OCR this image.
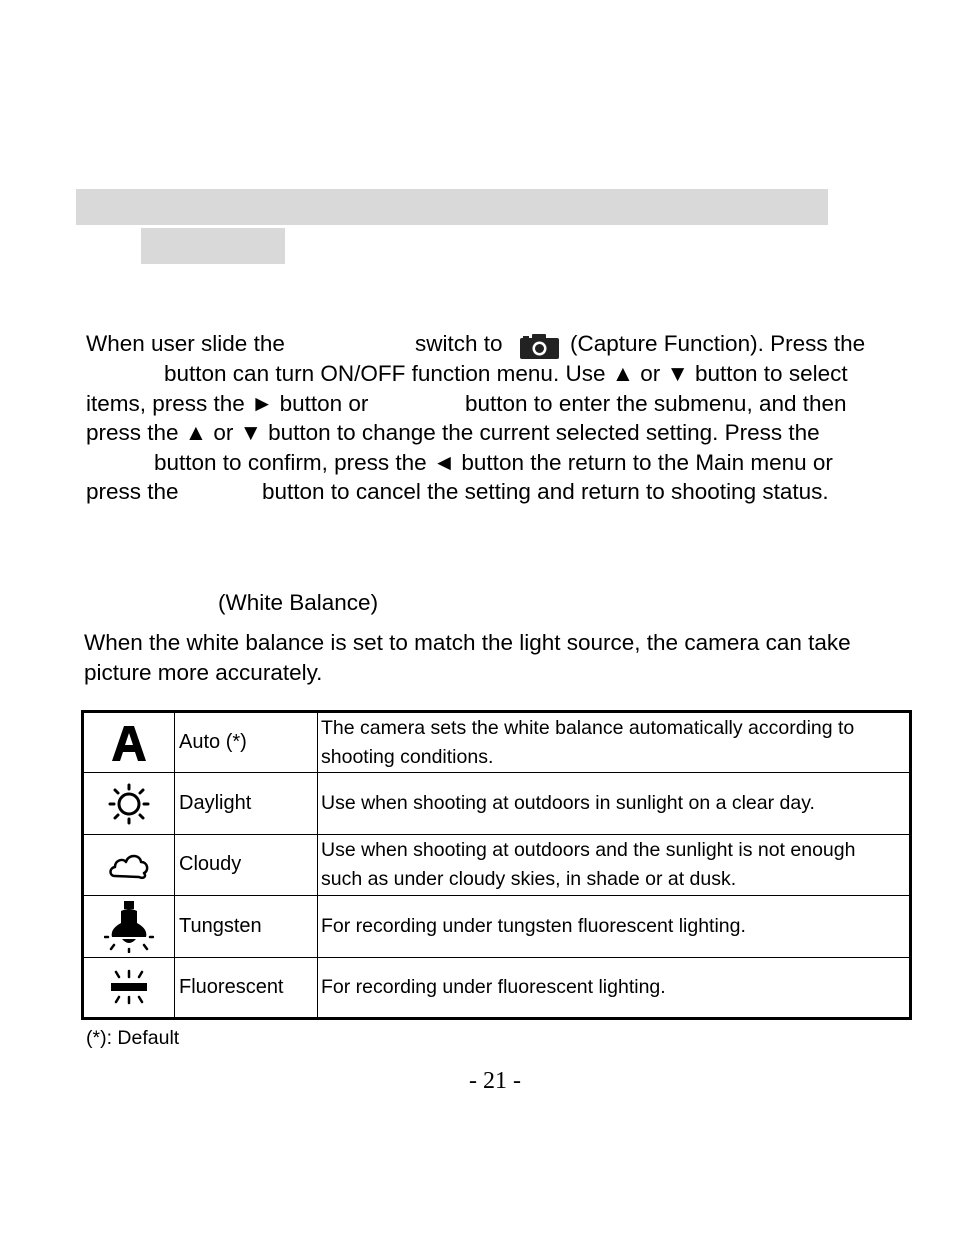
When user slide the	switch to	(Capture Function). Press the
button can turn ON/OFF function menu. Use ▲ or ▼ button to select
items, press the ► button or	button to enter the submenu, and then
press the ▲ or ▼ button to change the current selected setting. Press the
button to confirm, press the ◄ button the return to the Main menu or
press the	button to cancel the setting and return to shooting status.
(White Balance)
When the white balance is set to match the light source, the camera can take
picture more accurately.
	Auto (*)	The camera sets the white balance automatically according to
shooting conditions.

	Daylight	Use when shooting at outdoors in sunlight on a clear day.

	Cloudy	Use when shooting at outdoors and the sunlight is not enough
such as under cloudy skies, in shade or at dusk.

	Tungsten	For recording under tungsten fluorescent lighting.

	Fluorescent	For recording under fluorescent lighting.
(*): Default
- 21 -
